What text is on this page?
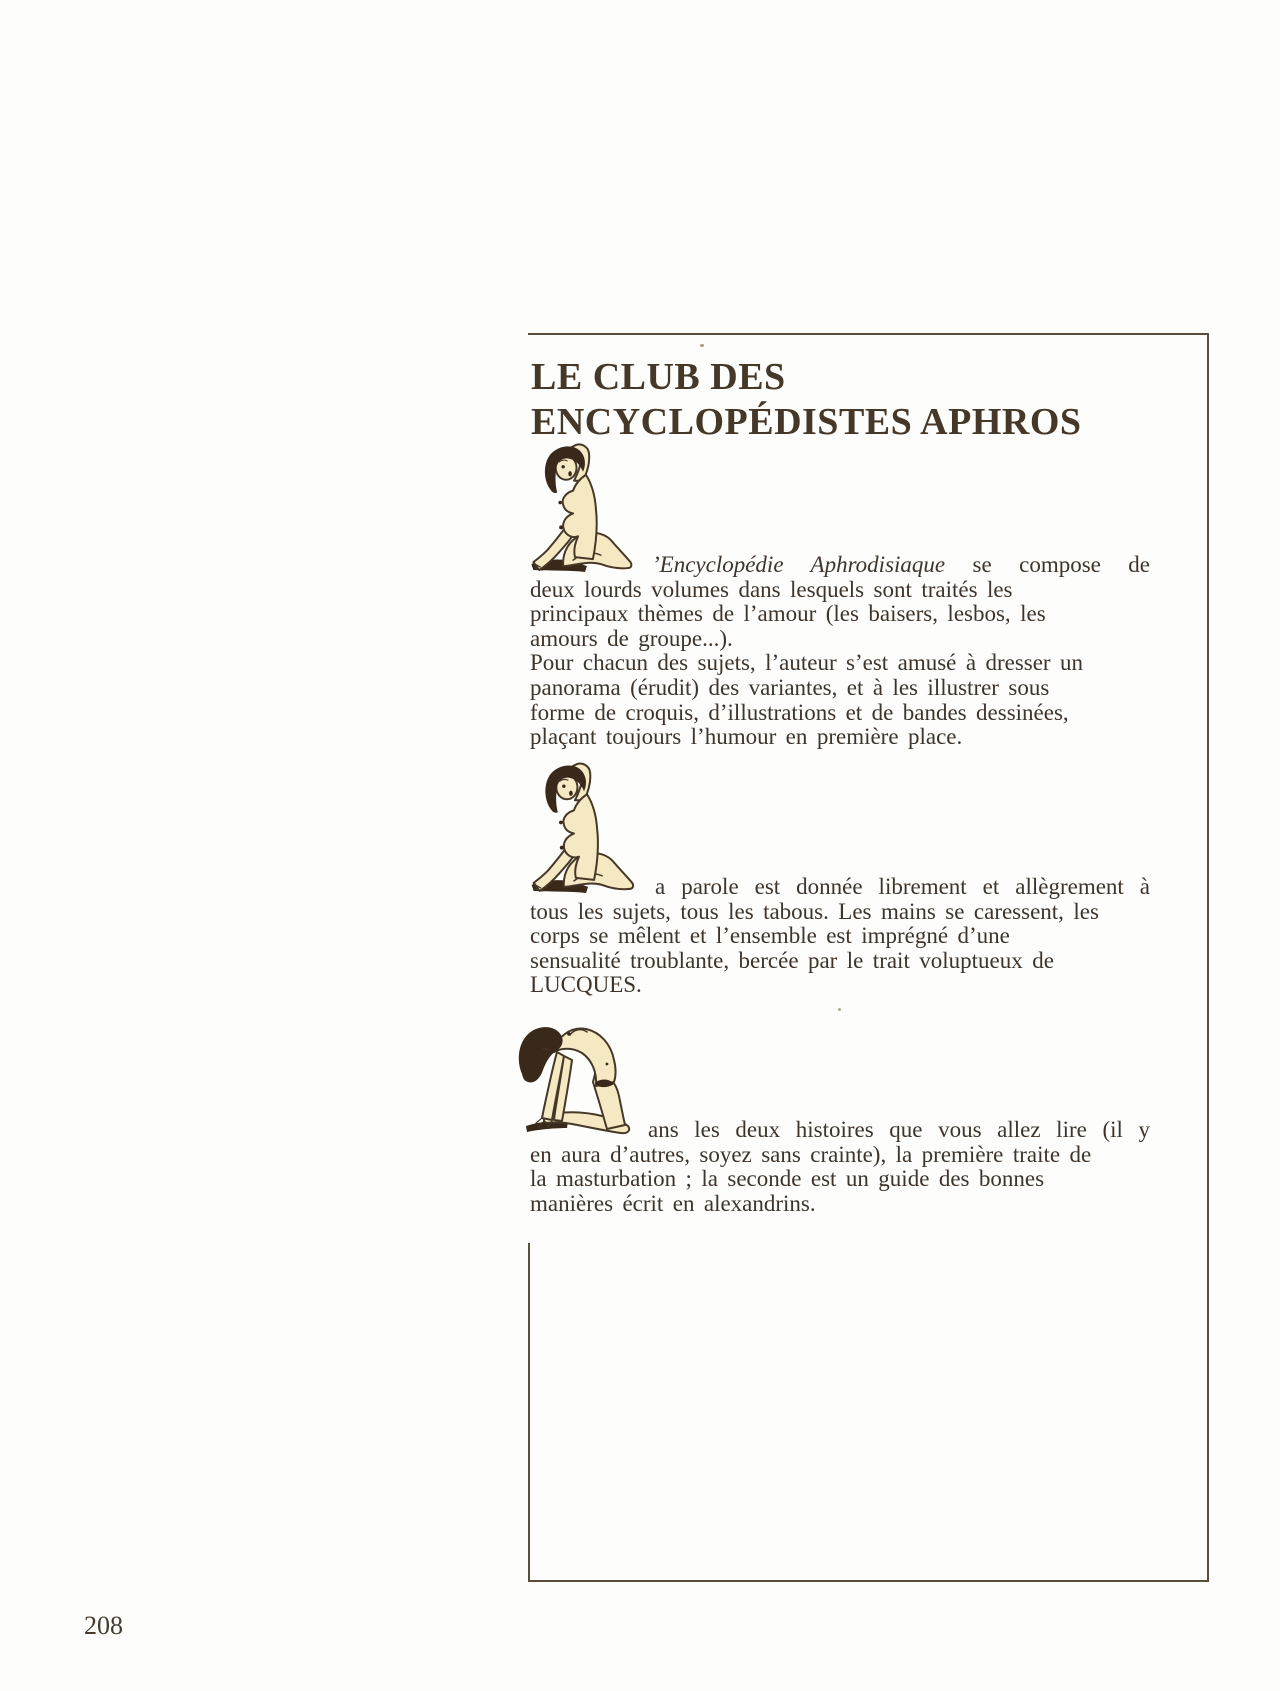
LE CLUB DES
ENCYCLOPÉDISTES APHROS
’Encyclopédie Aphrodisiaque se compose de
deux lourds volumes dans lesquels sont traités les
principaux thèmes de l’amour (les baisers, lesbos, les
amours de groupe...).
Pour chacun des sujets, l’auteur s’est amusé à dresser un
panorama (érudit) des variantes, et à les illustrer sous
forme de croquis, d’illustrations et de bandes dessinées,
plaçant toujours l’humour en première place.
a parole est donnée librement et allègrement à
tous les sujets, tous les tabous. Les mains se caressent, les
corps se mêlent et l’ensemble est imprégné d’une
sensualité troublante, bercée par le trait voluptueux de
LUCQUES.
ans les deux histoires que vous allez lire (il y
en aura d’autres, soyez sans crainte), la première traite de
la masturbation ; la seconde est un guide des bonnes
manières écrit en alexandrins.
208
